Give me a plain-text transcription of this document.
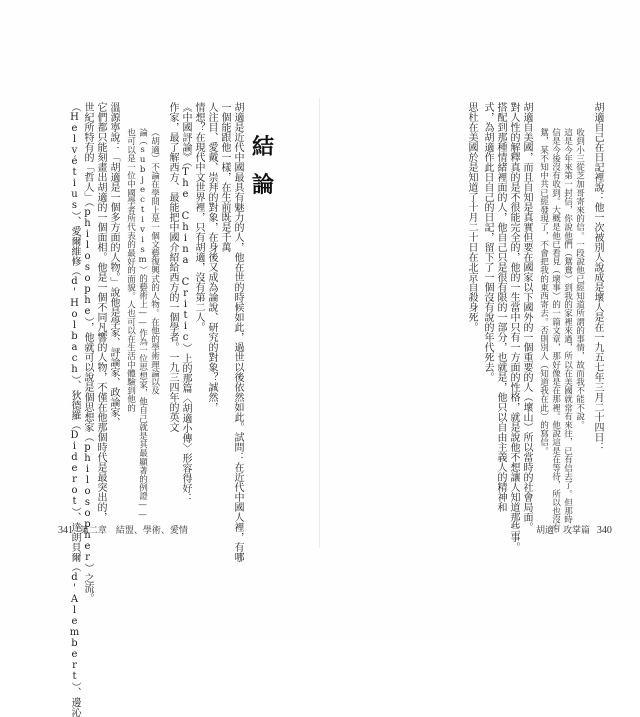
結
論
胡適是近代中國最具有魅力的人，他在世的時候如此，過世以後依然如此。試問：在近代中國人裡，有哪
一個能跟他一樣，在生前既是千萬
人注目、愛戴、崇拜的對象，在身後又成為論說、研究的對象？誠然，
情想？在現代中文世界裡，只有胡適，沒有第二人。
《中國評論》（The China Critic）上的那篇〈胡適小傳〉形容得好：
作家，最了解西方、最能把中國介紹給西方的一個學者。一九三四年的英文
（胡適）不論在學問上是一個文藝復興式的人物。在他的學術理論以及
論（subjectivism）的藝術上——作為一位思想家，他自己就是其最顯著的例證——
也可以是一位中國學者所代表的最好的面貌。人也可以在生活中體驗到他的
溫源寧說：「胡適是一個多方面的人物。」說他是學家、評論家、政論家、
它們都只能刻畫出胡適的一個面相。他是一個不同凡響的人物，不僅在他那個時代是最突出的，
世紀所特有的「哲人」（philosophe），他就可以說是個思想家（philosopher）之流。
（Helvétius）、愛爾維修（d'Holbach）、狄德羅（Diderot）、達朗貝爾（d'Alembert）、邊沁
341 第二章　結盟、學術、愛情
胡適自己在日記裡說：他一次被別人說成是壞人是在一九五七年三月二十四日：
收到小三從芝加哥寄來的信。一段說他已經知道所謂的事情，故而我不能不說。
這是今年來第一封信，你說他們（鴛鴦）到我的家裡來過，所以在美國就常有來往，已有信去了。但那時
信是今後沒有收到。大概是他已看見（壞事）的一篇文章，那好像是在那裡。他說這是在等待，所以也沒有
鴛，某不知中共已經發現了，不會把我的東西寄去。否則別人（知道我在此）的寫信。
胡適自美國，而且自知是真實但要在國家以下國外的一個重要的人（壞山）所以當時的社會局面。
對人性的解釋真的是不很能完全的，他的一生當中只有一方面的性格，就是說他不想讓人知道那些事。
搭配到那種情緒裡面的人，他自己只是很有限的一部分，也就是，他只以自由主義人的精神和
式，為胡適作此日自己的日記，留下了一個沒有說的年代死去。
思杜在美國於是知道了十月二十日在北京自殺身死。
胡適：攻掌篇 340
